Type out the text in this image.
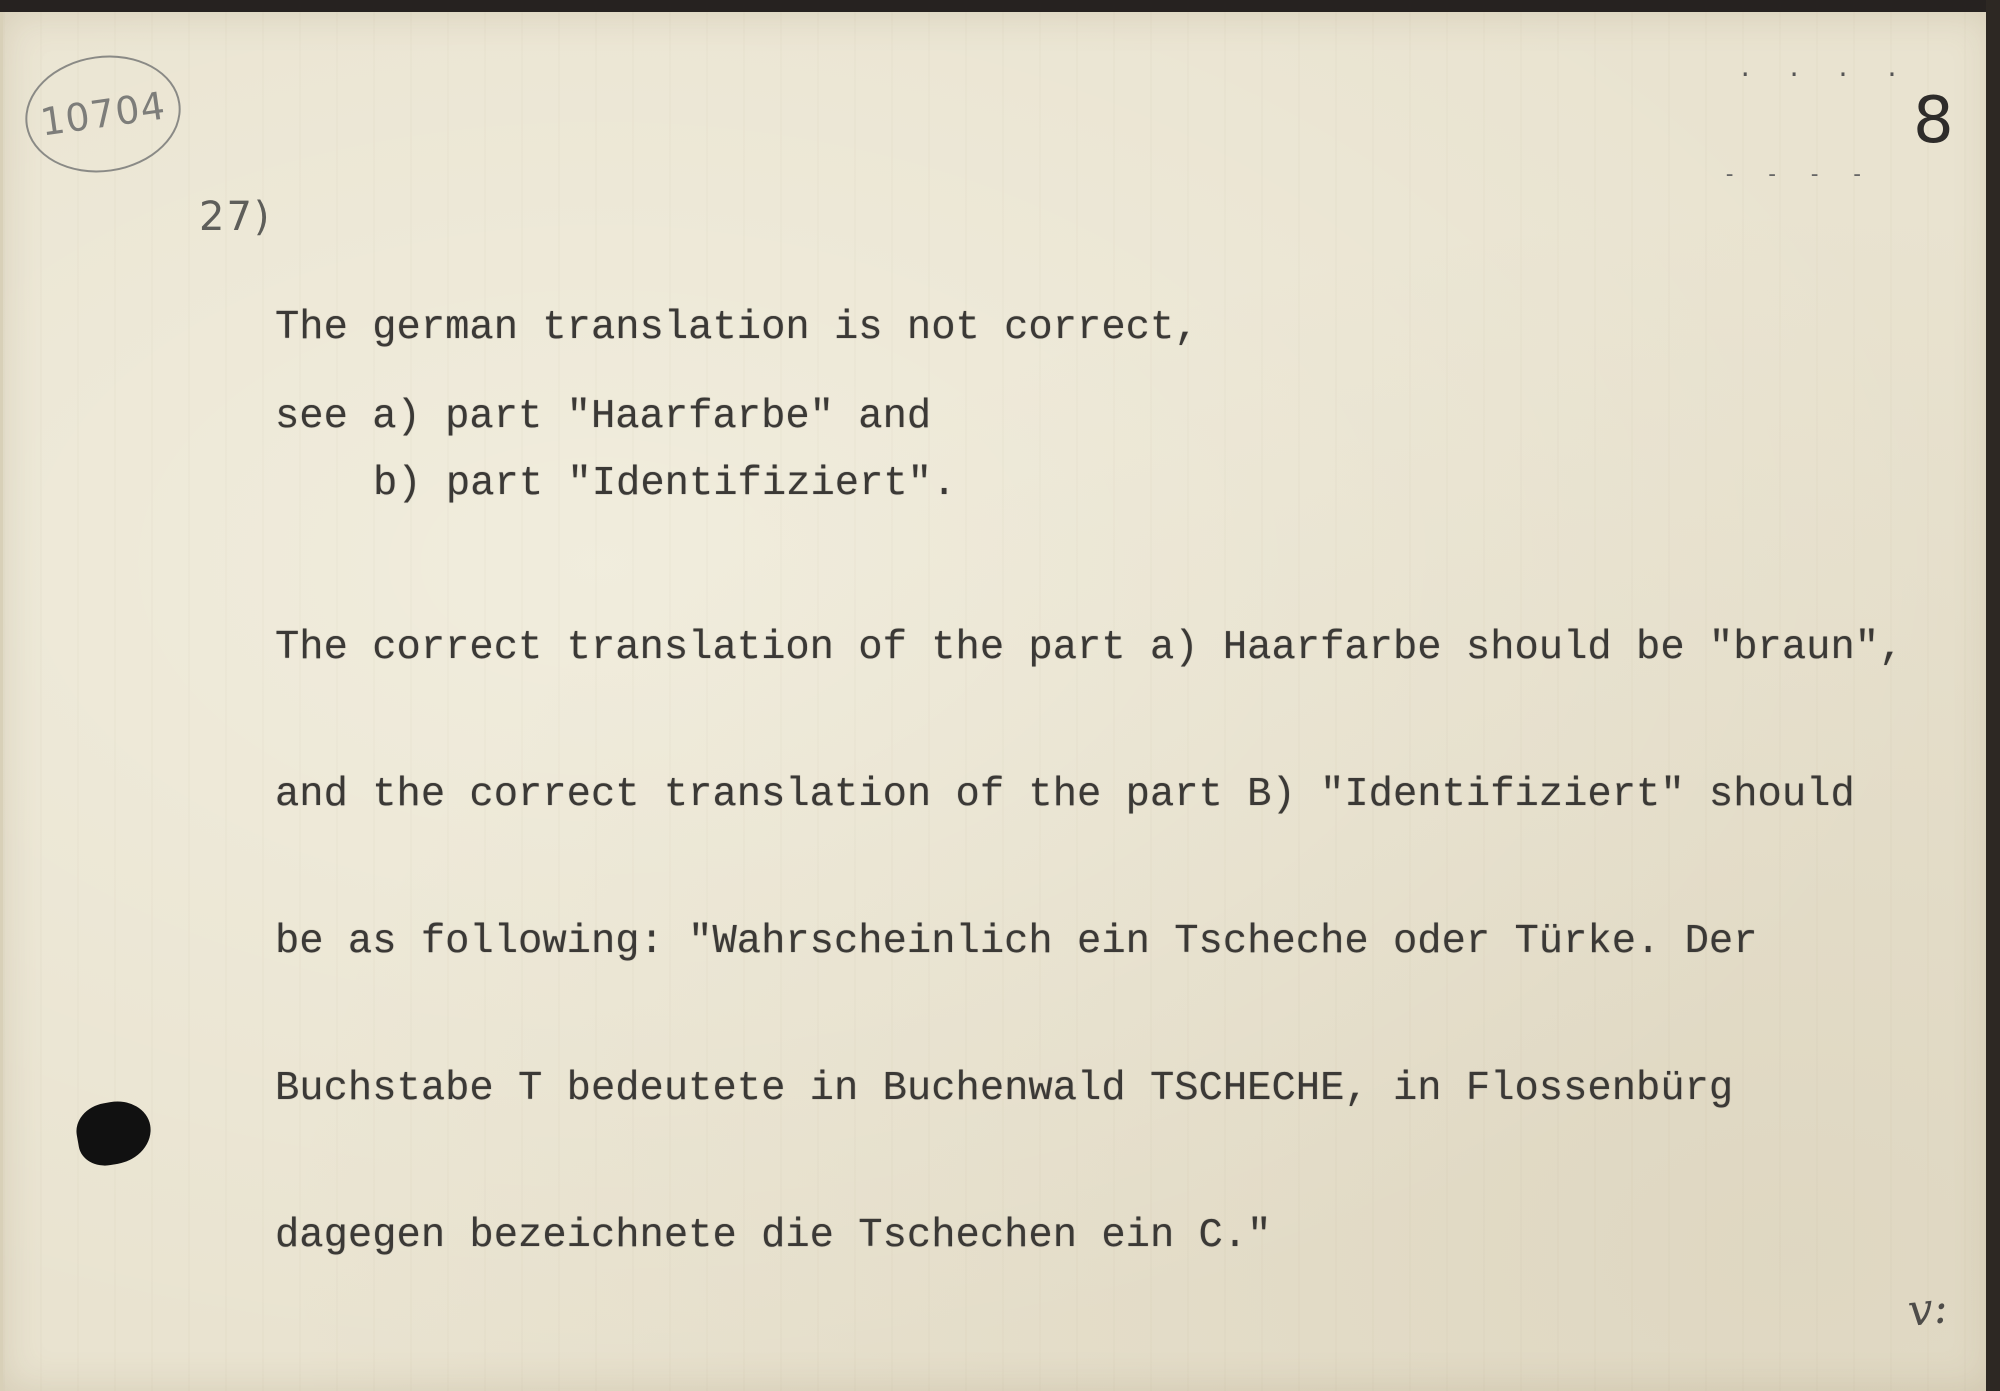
10704
. . . .
8
- - - -
27)
The german translation is not correct,
see a) part "Haarfarbe" and
b) part "Identifiziert".

The correct translation of the part a) Haarfarbe should be "braun",

and the correct translation of the part B) "Identifiziert" should

be as following: "Wahrscheinlich ein Tscheche oder Türke. Der

Buchstabe T bedeutete in Buchenwald TSCHECHE, in Flossenbürg

dagegen bezeichnete die Tschechen ein C."

v:
